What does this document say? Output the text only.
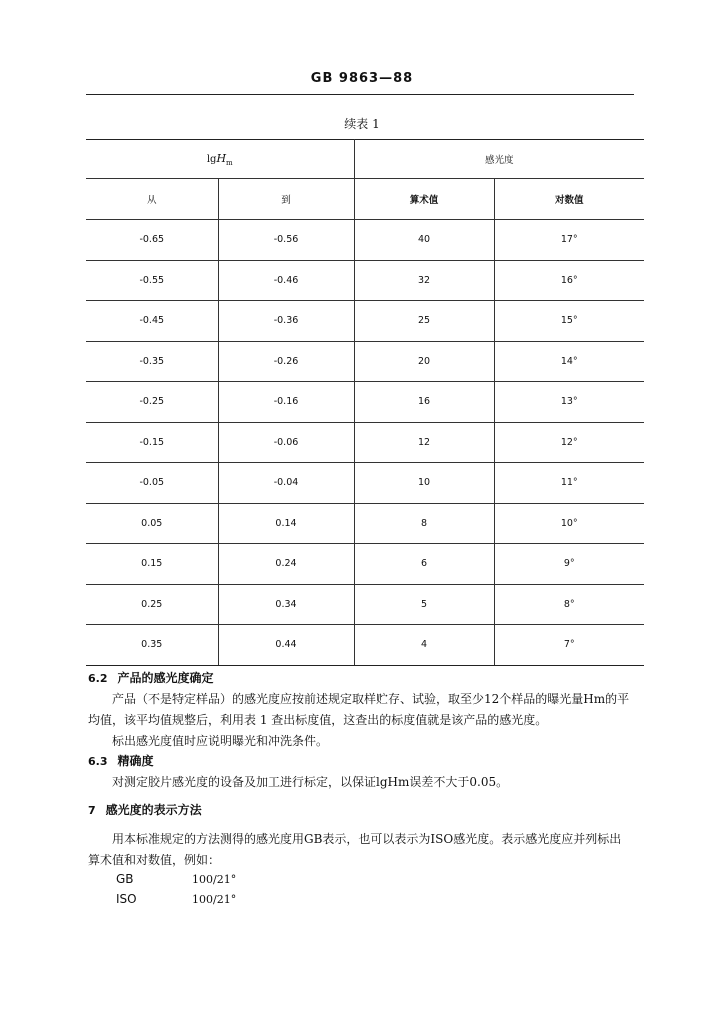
GB 9863—88
续表 1
lgH$_m$		感光度	
从	到	算术值	对数值
-0.65	-0.56	40	17°
-0.55	-0.46	32	16°
-0.45	-0.36	25	15°
-0.35	-0.26	20	14°
-0.25	-0.16	16	13°
-0.15	-0.06	12	12°
-0.05	-0.04	10	11°
0.05	0.14	8	10°
0.15	0.24	6	9°
0.25	0.34	5	8°
0.35	0.44	4	7°
6.2 产品的感光度确定
产品（不是特定样品）的感光度应按前述规定取样贮存、试验，取至少12个样品的曝光量Hm的平
均值，该平均值规整后，利用表 1 查出标度值，这查出的标度值就是该产品的感光度。
标出感光度值时应说明曝光和冲洗条件。
6.3 精确度
对测定胶片感光度的设备及加工进行标定，以保证lgHm误差不大于0.05。
7 感光度的表示方法
用本标准规定的方法测得的感光度用GB表示，也可以表示为ISO感光度。表示感光度应并列标出
算术值和对数值，例如：
GB	100/21°
ISO	100/21°
